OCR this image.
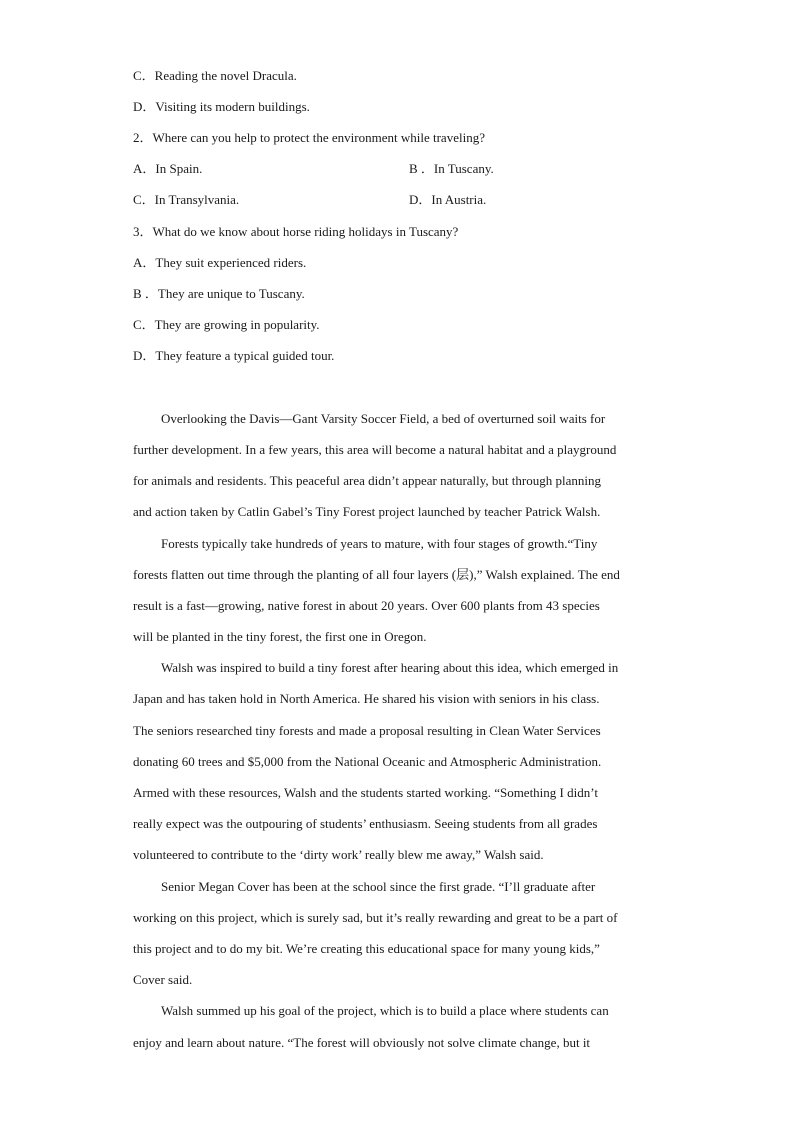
C．Reading the novel Dracula.
D．Visiting its modern buildings.
2．Where can you help to protect the environment while traveling?
A．In Spain.	B ．In Tuscany.
C．In Transylvania.	D．In Austria.
3．What do we know about horse riding holidays in Tuscany?
A．They suit experienced riders.
B ．They are unique to Tuscany.
C．They are growing in popularity.
D．They feature a typical guided tour.
Overlooking the Davis—Gant Varsity Soccer Field, a bed of overturned soil waits for
further development. In a few years, this area will become a natural habitat and a playground
for animals and residents. This peaceful area didn’t appear naturally, but through planning
and action taken by Catlin Gabel’s Tiny Forest project launched by teacher Patrick Walsh.
Forests typically take hundreds of years to mature, with four stages of growth.“Tiny
forests flatten out time through the planting of all four layers (层),” Walsh explained. The end
result is a fast—growing, native forest in about 20 years. Over 600 plants from 43 species
will be planted in the tiny forest, the first one in Oregon.
Walsh was inspired to build a tiny forest after hearing about this idea, which emerged in
Japan and has taken hold in North America. He shared his vision with seniors in his class.
The seniors researched tiny forests and made a proposal resulting in Clean Water Services
donating 60 trees and $5,000 from the National Oceanic and Atmospheric Administration.
Armed with these resources, Walsh and the students started working. “Something I didn’t
really expect was the outpouring of students’ enthusiasm. Seeing students from all grades
volunteered to contribute to the ‘dirty work’ really blew me away,” Walsh said.
Senior Megan Cover has been at the school since the first grade. “I’ll graduate after
working on this project, which is surely sad, but it’s really rewarding and great to be a part of
this project and to do my bit. We’re creating this educational space for many young kids,”
Cover said.
Walsh summed up his goal of the project, which is to build a place where students can
enjoy and learn about nature. “The forest will obviously not solve climate change, but it
